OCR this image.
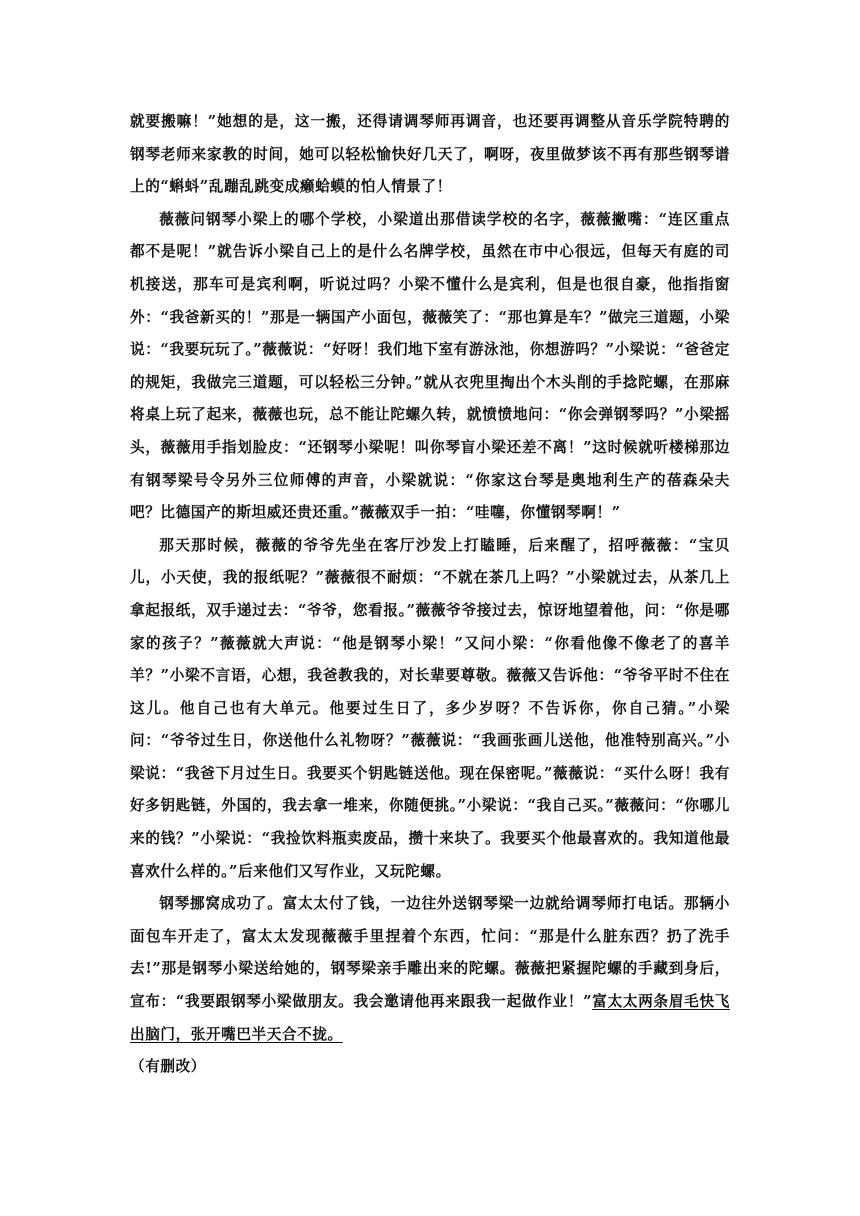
就要搬嘛！”她想的是，这一搬，还得请调琴师再调音，也还要再调整从音乐学院特聘的钢琴老师来家教的时间，她可以轻松愉快好几天了，啊呀，夜里做梦该不再有那些钢琴谱上的“蝌蚪”乱蹦乱跳变成癞蛤蟆的怕人情景了！

薇薇问钢琴小梁上的哪个学校，小梁道出那借读学校的名字，薇薇撇嘴：“连区重点都不是呢！”就告诉小梁自己上的是什么名牌学校，虽然在市中心很远，但每天有庭的司机接送，那车可是宾利啊，听说过吗？小梁不懂什么是宾利，但是也很自豪，他指指窗外：“我爸新买的！”那是一辆国产小面包，薇薇笑了：“那也算是车？”做完三道题，小梁说：“我要玩玩了。”薇薇说：“好呀！我们地下室有游泳池，你想游吗？”小梁说：“爸爸定的规矩，我做完三道题，可以轻松三分钟。”就从衣兜里掏出个木头削的手捻陀螺，在那麻将桌上玩了起来，薇薇也玩，总不能让陀螺久转，就愤愤地问：“你会弹钢琴吗？”小梁摇头，薇薇用手指划脸皮：“还钢琴小梁呢！叫你琴盲小梁还差不离！”这时候就听楼梯那边有钢琴梁号令另外三位师傅的声音，小梁就说：“你家这台琴是奥地利生产的蓓森朵夫吧？比德国产的斯坦威还贵还重。”薇薇双手一拍：“哇噻，你懂钢琴啊！”

那天那时候，薇薇的爷爷先坐在客厅沙发上打瞌睡，后来醒了，招呼薇薇：“宝贝儿，小天使，我的报纸呢？”薇薇很不耐烦：“不就在茶几上吗？”小梁就过去，从茶几上拿起报纸，双手递过去：“爷爷，您看报。”薇薇爷爷接过去，惊讶地望着他，问：“你是哪家的孩子？”薇薇就大声说：“他是钢琴小梁！”又问小梁：“你看他像不像老了的喜羊羊？”小梁不言语，心想，我爸教我的，对长辈要尊敬。薇薇又告诉他：“爷爷平时不住在这儿。他自己也有大单元。他要过生日了，多少岁呀？不告诉你，你自己猜。”小梁问：“爷爷过生日，你送他什么礼物呀？”薇薇说：“我画张画儿送他，他准特别高兴。”小梁说：“我爸下月过生日。我要买个钥匙链送他。现在保密呢。”薇薇说：“买什么呀！我有好多钥匙链，外国的，我去拿一堆来，你随便挑。”小梁说：“我自己买。”薇薇问：“你哪儿来的钱？”小梁说：“我捡饮料瓶卖废品，攒十来块了。我要买个他最喜欢的。我知道他最喜欢什么样的。”后来他们又写作业，又玩陀螺。

钢琴挪窝成功了。富太太付了钱，一边往外送钢琴梁一边就给调琴师打电话。那辆小面包车开走了，富太太发现薇薇手里捏着个东西，忙问：“那是什么脏东西？扔了洗手去!”那是钢琴小梁送给她的，钢琴梁亲手雕出来的陀螺。薇薇把紧握陀螺的手藏到身后，宣布：“我要跟钢琴小梁做朋友。我会邀请他再来跟我一起做作业！”富太太两条眉毛快飞出脑门，张开嘴巴半天合不拢。

（有删改）
